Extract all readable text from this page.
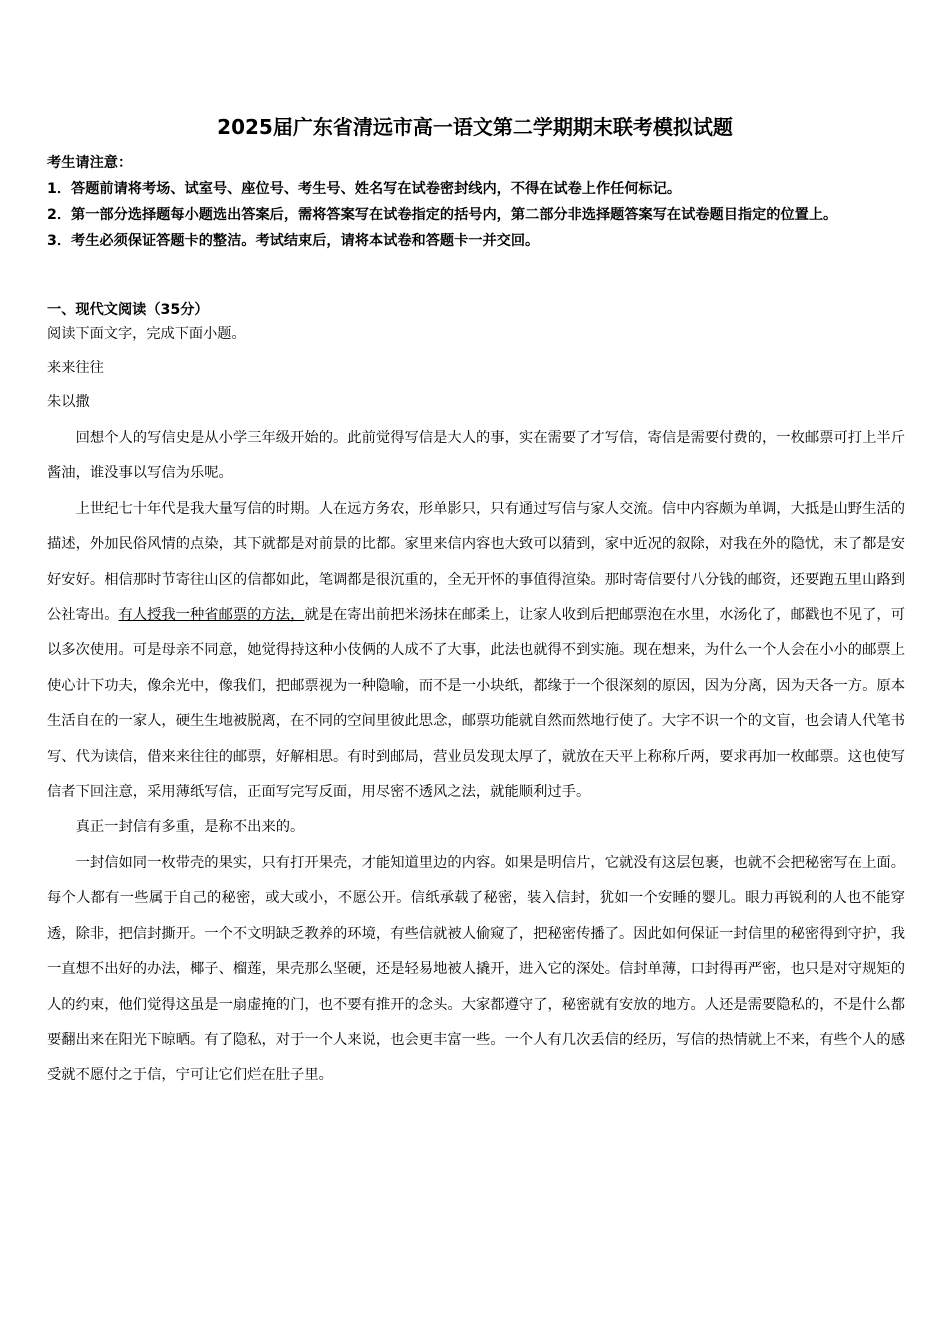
2025届广东省清远市高一语文第二学期期末联考模拟试题
考生请注意：
1．答题前请将考场、试室号、座位号、考生号、姓名写在试卷密封线内，不得在试卷上作任何标记。
2．第一部分选择题每小题选出答案后，需将答案写在试卷指定的括号内，第二部分非选择题答案写在试卷题目指定的位置上。
3．考生必须保证答题卡的整洁。考试结束后，请将本试卷和答题卡一并交回。
一、现代文阅读（35分）
阅读下面文字，完成下面小题。
来来往往
朱以撒

回想个人的写信史是从小学三年级开始的。此前觉得写信是大人的事，实在需要了才写信，寄信是需要付费的，一枚邮票可打上半斤酱油，谁没事以写信为乐呢。

上世纪七十年代是我大量写信的时期。人在远方务农，形单影只，只有通过写信与家人交流。信中内容颇为单调，大抵是山野生活的描述，外加民俗风情的点染，其下就都是对前景的比都。家里来信内容也大致可以猜到，家中近况的叙除，对我在外的隐忧，末了都是安好安好。相信那时节寄往山区的信都如此，笔调都是很沉重的，全无开怀的事值得渲染。那时寄信要付八分钱的邮资，还要跑五里山路到公社寄出。有人授我一种省邮票的方法，就是在寄出前把米汤抹在邮柔上，让家人收到后把邮票泡在水里，水汤化了，邮戳也不见了，可以多次使用。可是母亲不同意，她觉得持这种小伎俩的人成不了大事，此法也就得不到实施。现在想来，为什么一个人会在小小的邮票上使心计下功夫，像余光中，像我们，把邮票视为一种隐喻，而不是一小块纸，都缘于一个很深刻的原因，因为分离，因为天各一方。原本生活自在的一家人，硬生生地被脱离，在不同的空间里彼此思念，邮票功能就自然而然地行使了。大字不识一个的文盲，也会请人代笔书写、代为读信，借来来往往的邮票，好解相思。有时到邮局，营业员发现太厚了，就放在天平上称称斤两，要求再加一枚邮票。这也使写信者下回注意，采用薄纸写信，正面写完写反面，用尽密不透风之法，就能顺利过手。

真正一封信有多重，是称不出来的。

一封信如同一枚带壳的果实，只有打开果壳，才能知道里边的内容。如果是明信片，它就没有这层包裹，也就不会把秘密写在上面。每个人都有一些属于自己的秘密，或大或小，不愿公开。信纸承载了秘密，装入信封，犹如一个安睡的婴儿。眼力再锐利的人也不能穿透，除非，把信封撕开。一个不文明缺乏教养的环境，有些信就被人偷窥了，把秘密传播了。因此如何保证一封信里的秘密得到守护，我一直想不出好的办法，椰子、榴莲，果壳那么坚硬，还是轻易地被人撬开，进入它的深处。信封单薄，口封得再严密，也只是对守规矩的人的约束，他们觉得这虽是一扇虚掩的门，也不要有推开的念头。大家都遵守了，秘密就有安放的地方。人还是需要隐私的，不是什么都要翻出来在阳光下晾晒。有了隐私，对于一个人来说，也会更丰富一些。一个人有几次丢信的经历，写信的热情就上不来，有些个人的感受就不愿付之于信，宁可让它们烂在肚子里。
